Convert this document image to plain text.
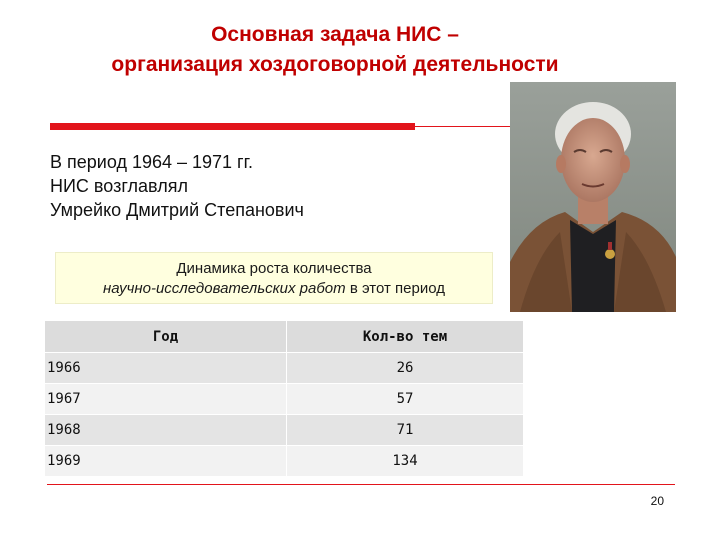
Основная задача НИС –
организация хоздоговорной деятельности
В период 1964 – 1971 гг.
НИС возглавлял
Умрейко Дмитрий Степанович
Динамика роста количества
научно-исследовательских работ в этот период
Год	Кол-во тем
1966	26
1967	57
1968	71
1969	134
20
